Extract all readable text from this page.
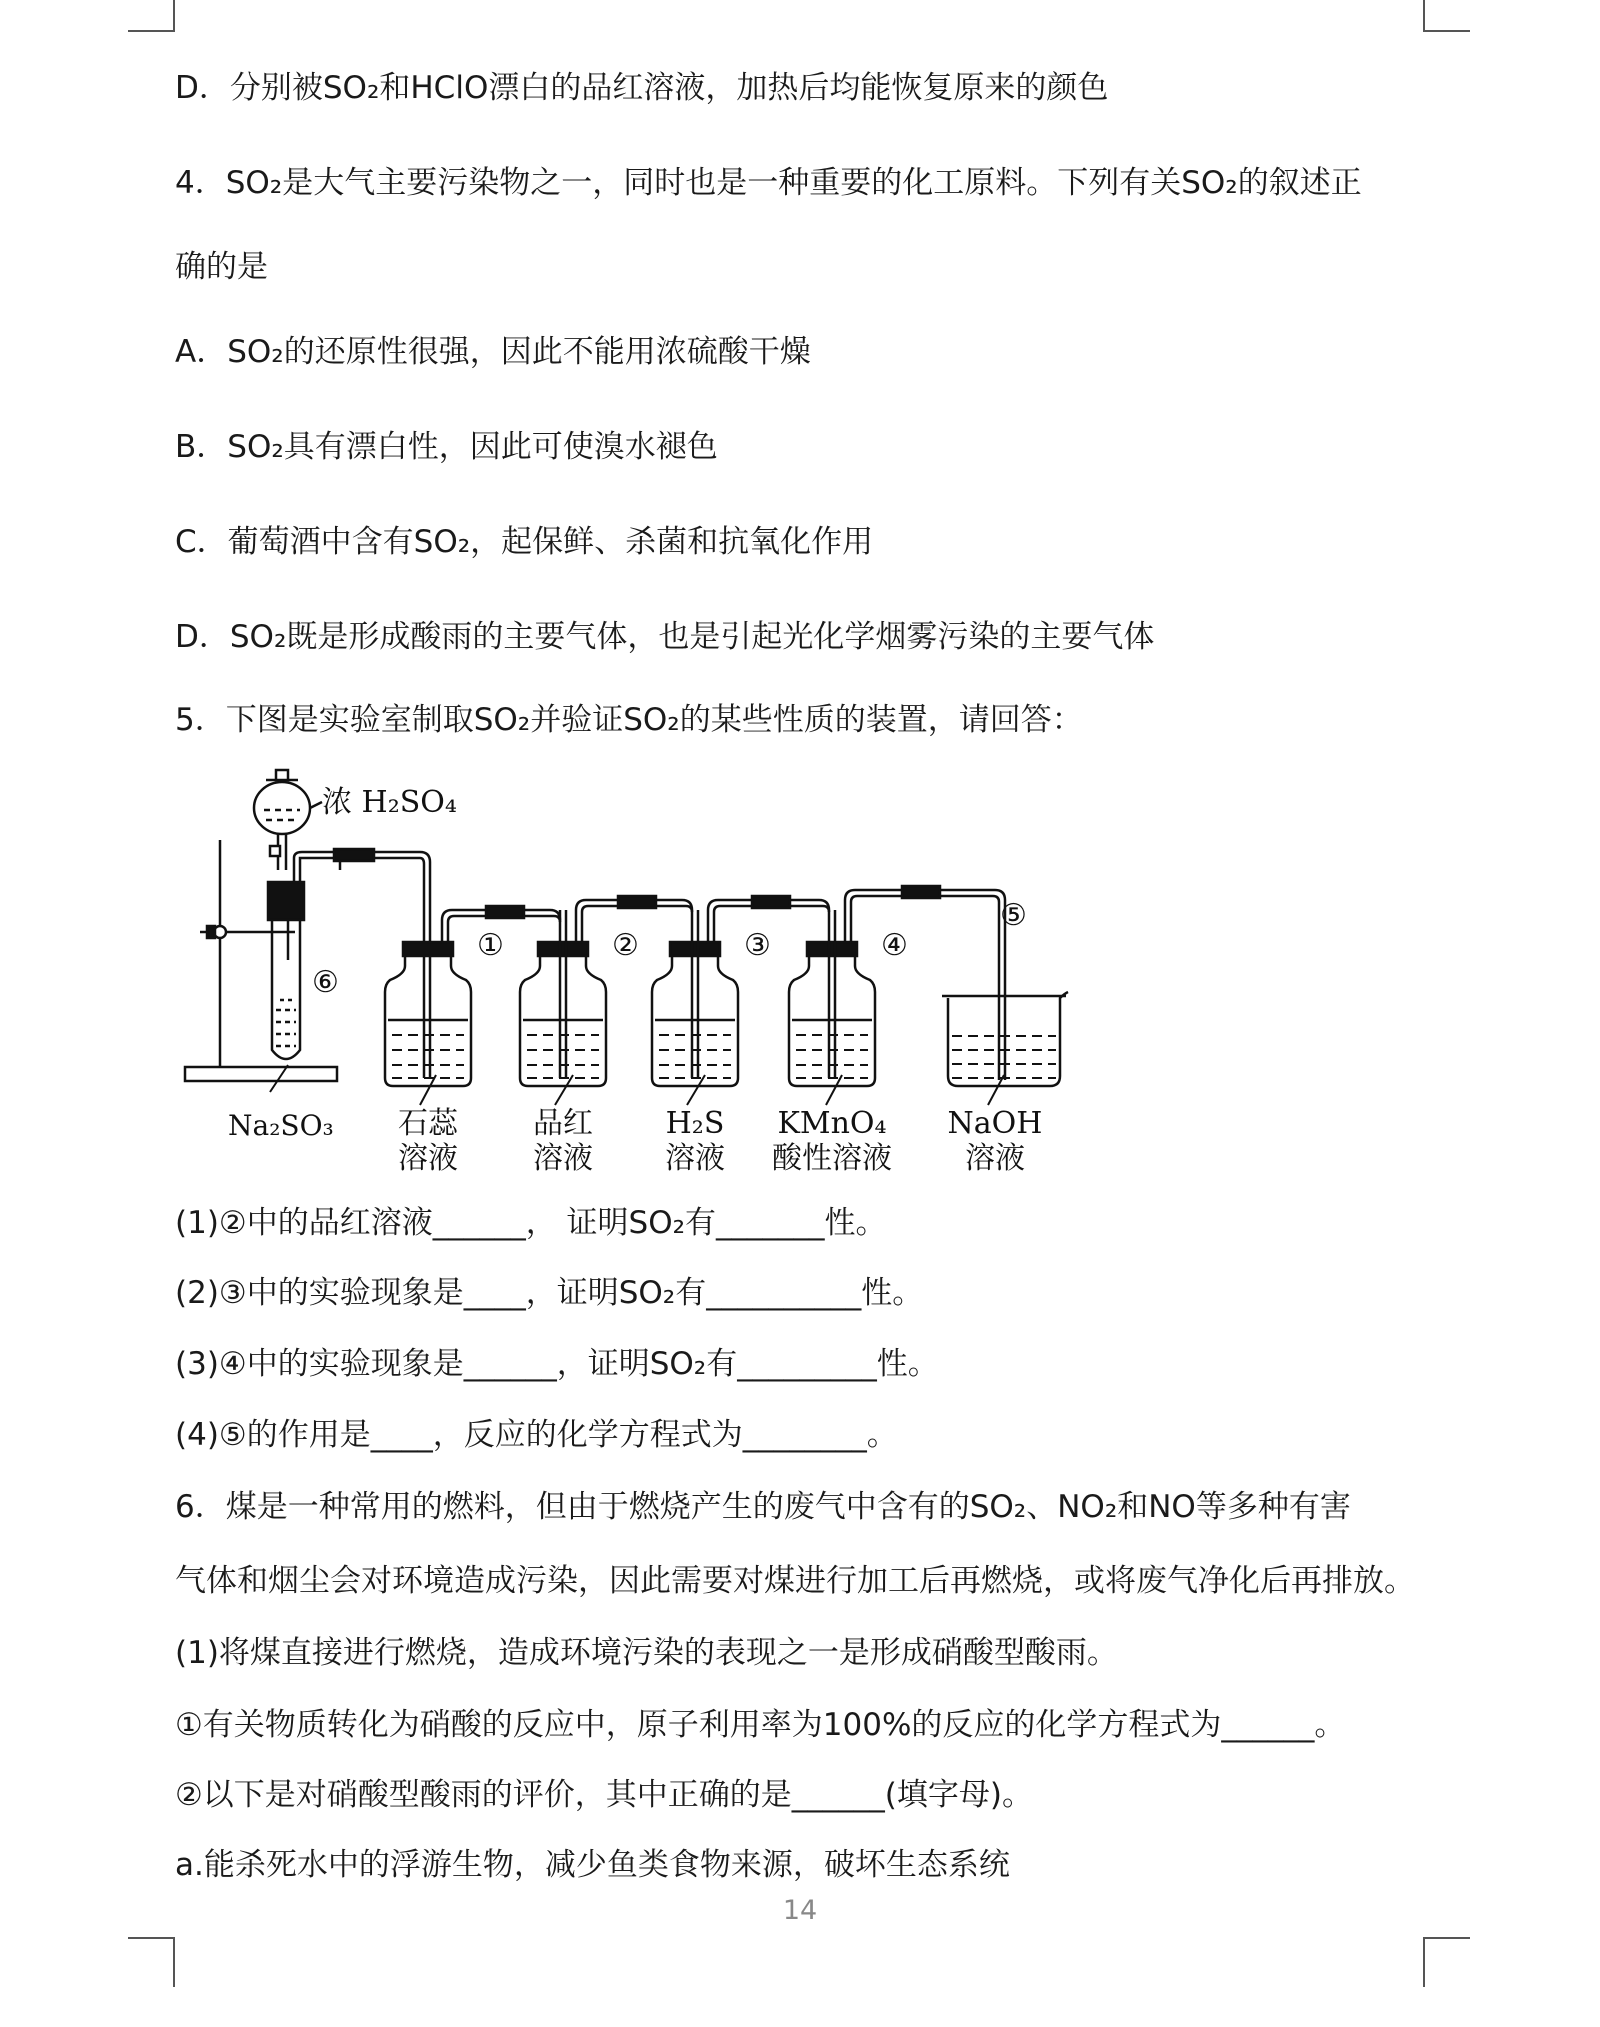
D．分别被SO₂和HClO漂白的品红溶液，加热后均能恢复原来的颜色
4．SO₂是大气主要污染物之一，同时也是一种重要的化工原料。下列有关SO₂的叙述正
确的是
A．SO₂的还原性很强，因此不能用浓硫酸干燥
B．SO₂具有漂白性，因此可使溴水褪色
C．葡萄酒中含有SO₂，起保鲜、杀菌和抗氧化作用
D．SO₂既是形成酸雨的主要气体，也是引起光化学烟雾污染的主要气体
5．下图是实验室制取SO₂并验证SO₂的某些性质的装置，请回答：
浓 H₂SO₄
⑥
Na₂SO₃
①	②	③	④
⑤
石蕊
溶液
品红
溶液
H₂S
溶液
KMnO₄
酸性溶液
NaOH
溶液
(1)②中的品红溶液______， 证明SO₂有_______性。
(2)③中的实验现象是____，证明SO₂有__________性。
(3)④中的实验现象是______，证明SO₂有_________性。
(4)⑤的作用是____，反应的化学方程式为________。
6．煤是一种常用的燃料，但由于燃烧产生的废气中含有的SO₂、NO₂和NO等多种有害
气体和烟尘会对环境造成污染，因此需要对煤进行加工后再燃烧，或将废气净化后再排放。
(1)将煤直接进行燃烧，造成环境污染的表现之一是形成硝酸型酸雨。
①有关物质转化为硝酸的反应中，原子利用率为100%的反应的化学方程式为______。
②以下是对硝酸型酸雨的评价，其中正确的是______(填字母)。
a.能杀死水中的浮游生物，减少鱼类食物来源，破坏生态系统
14
